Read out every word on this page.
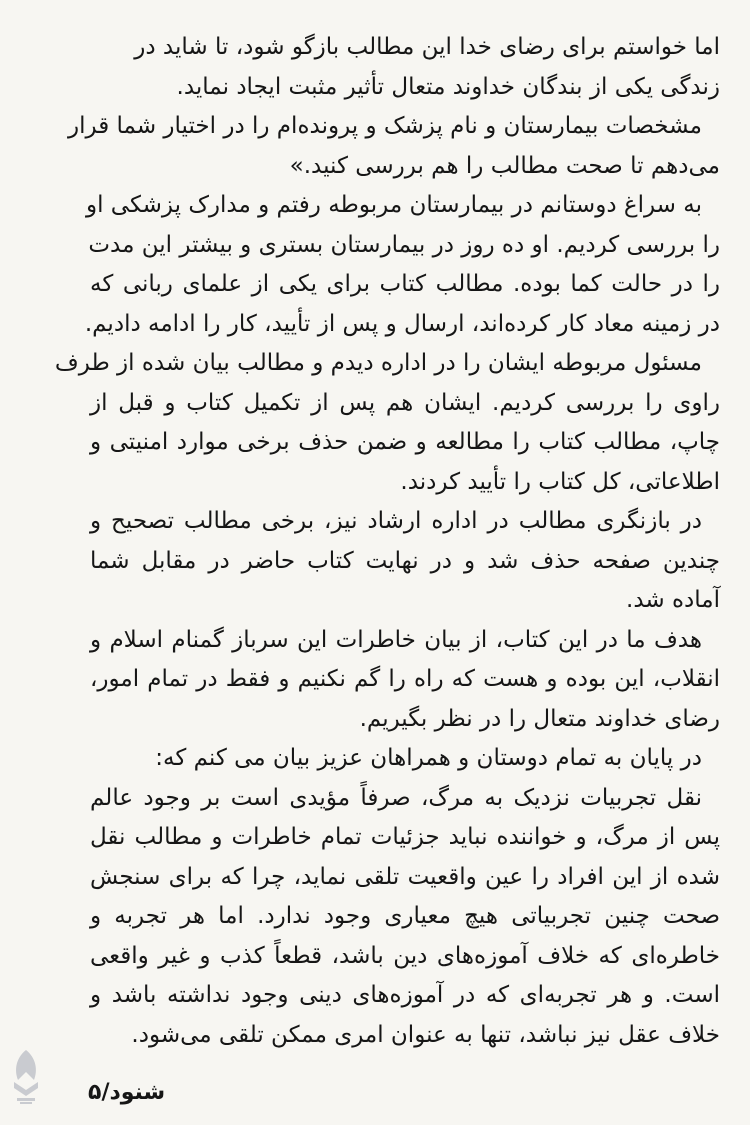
اما خواستم برای رضای خدا این مطالب بازگو شود، تا شاید در
زندگی یکی از بندگان خداوند متعال تأثیر مثبت ایجاد نماید.
مشخصات بیمارستان و نام پزشک و پرونده‌ام را در اختیار شما قرار
می‌دهم تا صحت مطالب را هم بررسی کنید.»
به سراغ دوستانم در بیمارستان مربوطه رفتم و مدارک پزشکی او
را بررسی کردیم. او ده روز در بیمارستان بستری و بیشتر این مدت
را در حالت کما بوده. مطالب کتاب برای یکی از علمای ربانی که
در زمینه معاد کار کرده‌اند، ارسال و پس از تأیید، کار را ادامه دادیم.
مسئول مربوطه ایشان را در اداره دیدم و مطالب بیان شده از طرف
راوی را بررسی کردیم. ایشان هم پس از تکمیل کتاب و قبل از
چاپ، مطالب کتاب را مطالعه و ضمن حذف برخی موارد امنیتی و
اطلاعاتی، کل کتاب را تأیید کردند.
در بازنگری مطالب در اداره ارشاد نیز، برخی مطالب تصحیح و
چندین صفحه حذف شد و در نهایت کتاب حاضر در مقابل شما
آماده شد.
هدف ما در این کتاب، از بیان خاطرات این سرباز گمنام اسلام و
انقلاب، این بوده و هست که راه را گم نکنیم و فقط در تمام امور،
رضای خداوند متعال را در نظر بگیریم.
در پایان به تمام دوستان و همراهان عزیز بیان می کنم که:
نقل تجربیات نزدیک به مرگ، صرفاً مؤیدی است بر وجود عالم
پس از مرگ، و خواننده نباید جزئیات تمام خاطرات و مطالب نقل
شده از این افراد را عین واقعیت تلقی نماید، چرا که برای سنجش
صحت چنین تجربیاتی هیچ معیاری وجود ندارد. اما هر تجربه و
خاطره‌ای که خلاف آموزه‌های دین باشد، قطعاً کذب و غیر واقعی
است. و هر تجربه‌ای که در آموزه‌های دینی وجود نداشته باشد و
خلاف عقل نیز نباشد، تنها به عنوان امری ممکن تلقی می‌شود.
شنود/۵
